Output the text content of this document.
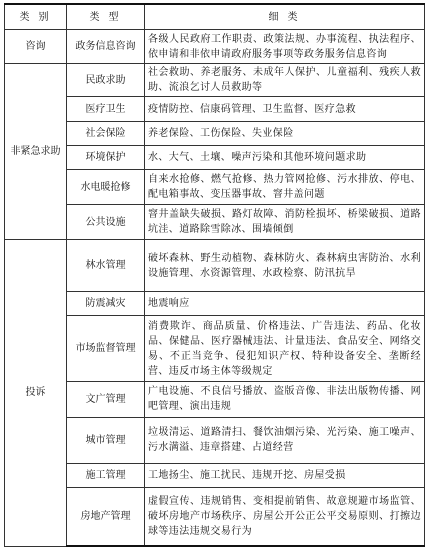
类别	类型	细类
咨询	政务信息咨询	各级人民政府工作职责、政策法规、办事流程、执法程序、依申请和非依申请政府服务事项等政务服务信息咨询
非紧急求助	民政求助	社会救助、养老服务、未成年人保护、儿童福利、残疾人救助、流浪乞讨人员救助等
	医疗卫生	疫情防控、信康码管理、卫生监督、医疗急救
	社会保险	养老保险、工伤保险、失业保险
	环境保护	水、大气、土壤、噪声污染和其他环境问题求助
	水电暖抢修	自来水抢修、燃气抢修、热力管网抢修、污水排放、停电、配电箱事故、变压器事故、窨井盖问题
	公共设施	窨井盖缺失破损、路灯故障、消防栓损坏、桥梁破损、道路坑洼、道路除雪除冰、围墙倾倒
投诉	林水管理	破坏森林、野生动植物、森林防火、森林病虫害防治、水利设施管理、水资源管理、水政检察、防汛抗旱
	防震减灾	地震响应
	市场监督管理	消费欺诈、商品质量、价格违法、广告违法、药品、化妆品、保健品、医疗器械违法、计量违法、食品安全、网络交易、不正当竞争、侵犯知识产权、特种设备安全、垄断经营、违反市场主体等级规定
	文广管理	广电设施、不良信号播放、盗版音像、非法出版物传播、网吧管理、演出违规
	城市管理	垃圾清运、道路清扫、餐饮油烟污染、光污染、施工噪声、污水满溢、违章搭建、占道经营
	施工管理	工地扬尘、施工扰民、违规开挖、房屋受损
	房地产管理	虚假宣传、违规销售、变相提前销售、故意规避市场监管、破坏房地产市场秩序、房屋公开公正公平交易原则、打擦边球等违法违规交易行为
